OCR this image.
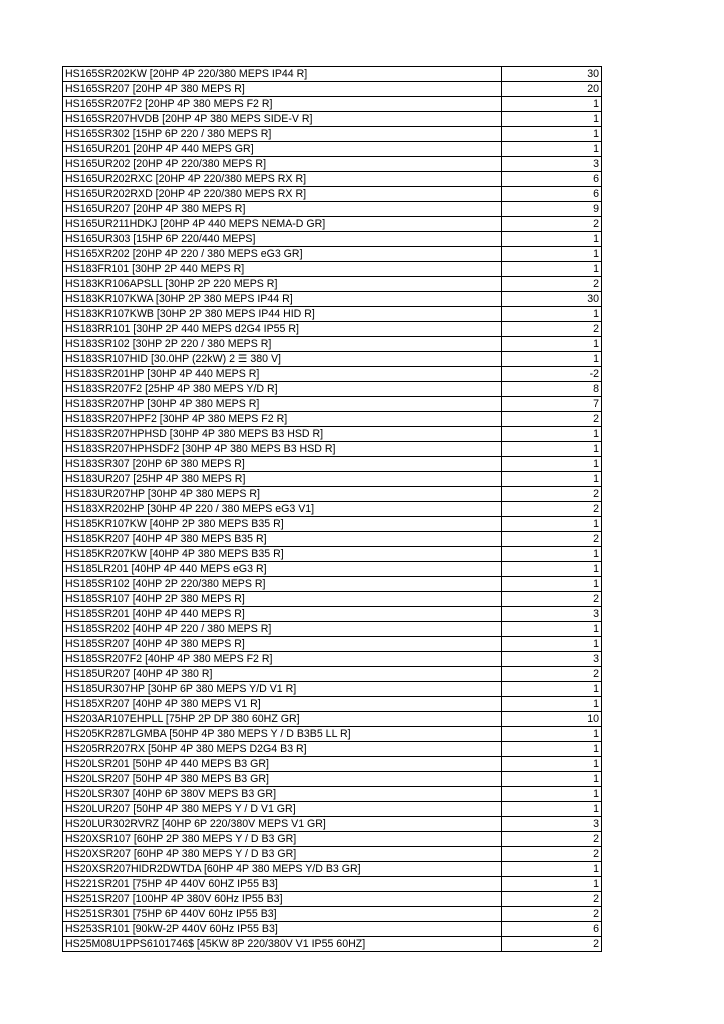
HS165SR202KW [20HP 4P 220/380 MEPS IP44 R]	30
HS165SR207 [20HP 4P 380 MEPS R]	20
HS165SR207F2 [20HP 4P 380 MEPS F2 R]	1
HS165SR207HVDB [20HP 4P 380 MEPS SIDE-V R]	1
HS165SR302 [15HP 6P 220 / 380 MEPS R]	1
HS165UR201 [20HP 4P 440 MEPS GR]	1
HS165UR202 [20HP 4P 220/380 MEPS R]	3
HS165UR202RXC [20HP 4P 220/380 MEPS RX R]	6
HS165UR202RXD [20HP 4P 220/380 MEPS RX R]	6
HS165UR207 [20HP 4P 380 MEPS R]	9
HS165UR211HDKJ [20HP 4P 440 MEPS NEMA-D GR]	2
HS165UR303 [15HP 6P 220/440 MEPS]	1
HS165XR202 [20HP 4P 220 / 380 MEPS eG3 GR]	1
HS183FR101 [30HP 2P 440 MEPS R]	1
HS183KR106APSLL [30HP 2P 220 MEPS R]	2
HS183KR107KWA [30HP 2P 380 MEPS IP44 R]	30
HS183KR107KWB [30HP 2P 380 MEPS IP44 HID R]	1
HS183RR101 [30HP 2P 440 MEPS d2G4 IP55 R]	2
HS183SR102 [30HP 2P 220 / 380 MEPS R]	1
HS183SR107HID [30.0HP (22kW) 2 ☰ 380 V]	1
HS183SR201HP [30HP 4P 440 MEPS R]	-2
HS183SR207F2 [25HP 4P 380 MEPS Y/D R]	8
HS183SR207HP [30HP 4P 380 MEPS R]	7
HS183SR207HPF2 [30HP 4P 380 MEPS F2 R]	2
HS183SR207HPHSD [30HP 4P 380 MEPS B3 HSD R]	1
HS183SR207HPHSDF2 [30HP 4P 380 MEPS B3 HSD R]	1
HS183SR307 [20HP 6P 380 MEPS R]	1
HS183UR207 [25HP 4P 380 MEPS R]	1
HS183UR207HP [30HP 4P 380 MEPS R]	2
HS183XR202HP [30HP 4P 220 / 380 MEPS eG3 V1]	2
HS185KR107KW [40HP 2P 380 MEPS B35 R]	1
HS185KR207 [40HP 4P 380 MEPS B35 R]	2
HS185KR207KW [40HP 4P 380 MEPS B35 R]	1
HS185LR201 [40HP 4P 440 MEPS eG3 R]	1
HS185SR102 [40HP 2P 220/380 MEPS R]	1
HS185SR107 [40HP 2P 380 MEPS R]	2
HS185SR201 [40HP 4P 440 MEPS R]	3
HS185SR202 [40HP 4P 220 / 380 MEPS R]	1
HS185SR207 [40HP 4P 380 MEPS R]	1
HS185SR207F2 [40HP 4P 380 MEPS F2 R]	3
HS185UR207 [40HP 4P 380 R]	2
HS185UR307HP [30HP 6P 380 MEPS Y/D V1 R]	1
HS185XR207 [40HP 4P 380 MEPS V1 R]	1
HS203AR107EHPLL [75HP 2P DP 380 60HZ GR]	10
HS205KR287LGMBA [50HP 4P 380 MEPS Y / D B3B5 LL R]	1
HS205RR207RX [50HP 4P 380 MEPS D2G4 B3 R]	1
HS20LSR201 [50HP 4P 440 MEPS B3 GR]	1
HS20LSR207 [50HP 4P 380 MEPS B3 GR]	1
HS20LSR307 [40HP 6P 380V MEPS B3 GR]	1
HS20LUR207 [50HP 4P 380 MEPS Y / D V1 GR]	1
HS20LUR302RVRZ [40HP 6P 220/380V MEPS V1 GR]	3
HS20XSR107 [60HP 2P 380 MEPS Y / D B3 GR]	2
HS20XSR207 [60HP 4P 380 MEPS Y / D B3 GR]	2
HS20XSR207HIDR2DWTDA [60HP 4P 380 MEPS Y/D B3 GR]	1
HS221SR201 [75HP 4P 440V 60HZ IP55 B3]	1
HS251SR207 [100HP 4P 380V 60Hz IP55 B3]	2
HS251SR301 [75HP 6P 440V 60Hz IP55 B3]	2
HS253SR101 [90kW-2P 440V 60Hz IP55 B3]	6
HS25M08U1PPS6101746$ [45KW 8P 220/380V V1 IP55 60HZ]	2
